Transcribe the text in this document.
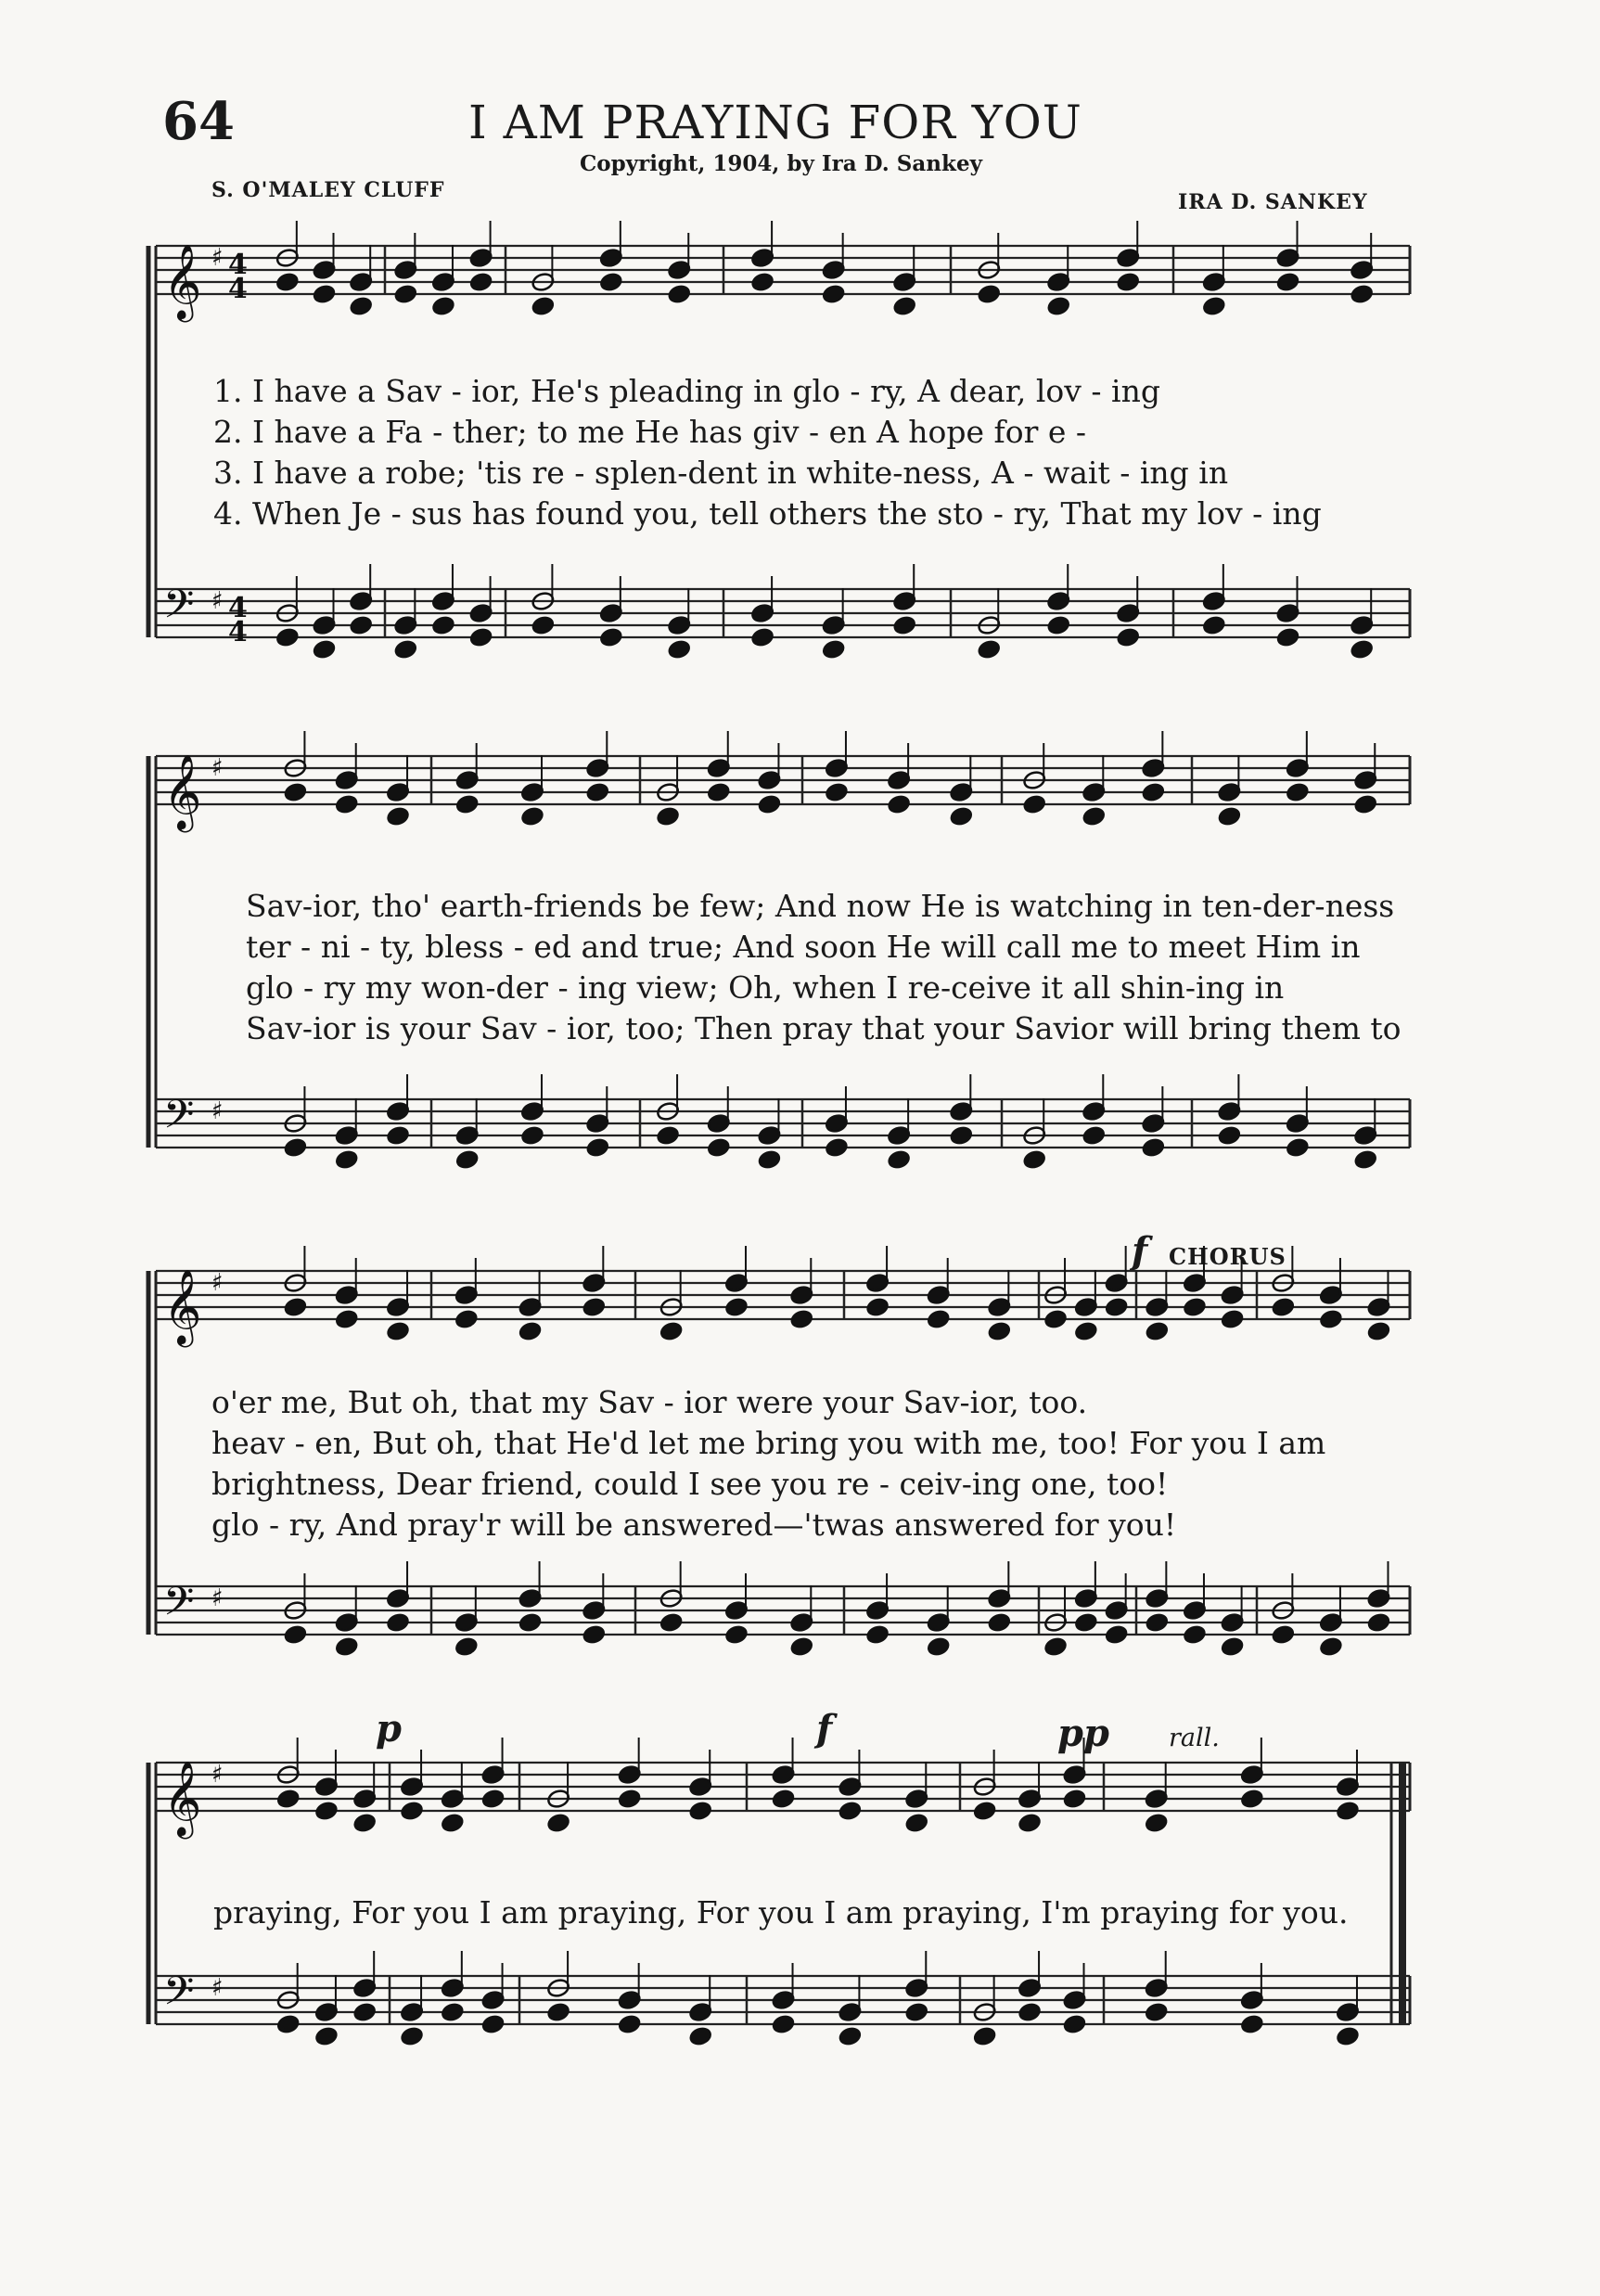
64	I AM PRAYING FOR YOU
Copyright, 1904, by Ira D. Sankey
S. O'MALEY CLUFF	IRA D. SANKEY
1. I have a Sav - ior, He's pleading in glo - ry, A dear, lov - ing
2. I have a Fa - ther; to me He has giv - en A hope for e -
3. I have a robe; 'tis re - splen-dent in white-ness, A - wait - ing in
4. When Je - sus has found you, tell others the sto - ry, That my lov - ing
Sav-ior, tho' earth-friends be few; And now He is watching in ten-der-ness
ter - ni - ty, bless - ed and true; And soon He will call me to meet Him in
glo - ry my won-der - ing view; Oh, when I re-ceive it all shin-ing in
Sav-ior is your Sav - ior, too; Then pray that your Savior will bring them to
o'er me, But oh, that my Sav - ior were your Sav-ior, too.
heav - en, But oh, that He'd let me bring you with me, too! For you I am
brightness, Dear friend, could I see you re - ceiv-ing one, too!
glo - ry, And pray'r will be answered—'twas answered for you!
praying, For you I am praying, For you I am praying, I'm praying for you.
f CHORUS
p	f	pp rall.
𝄞 ♯ 4
4
𝄢 ♯ 4
4
𝄞 ♯
𝄢 ♯
𝄞 ♯
𝄢 ♯
𝄞 ♯
𝄢 ♯
